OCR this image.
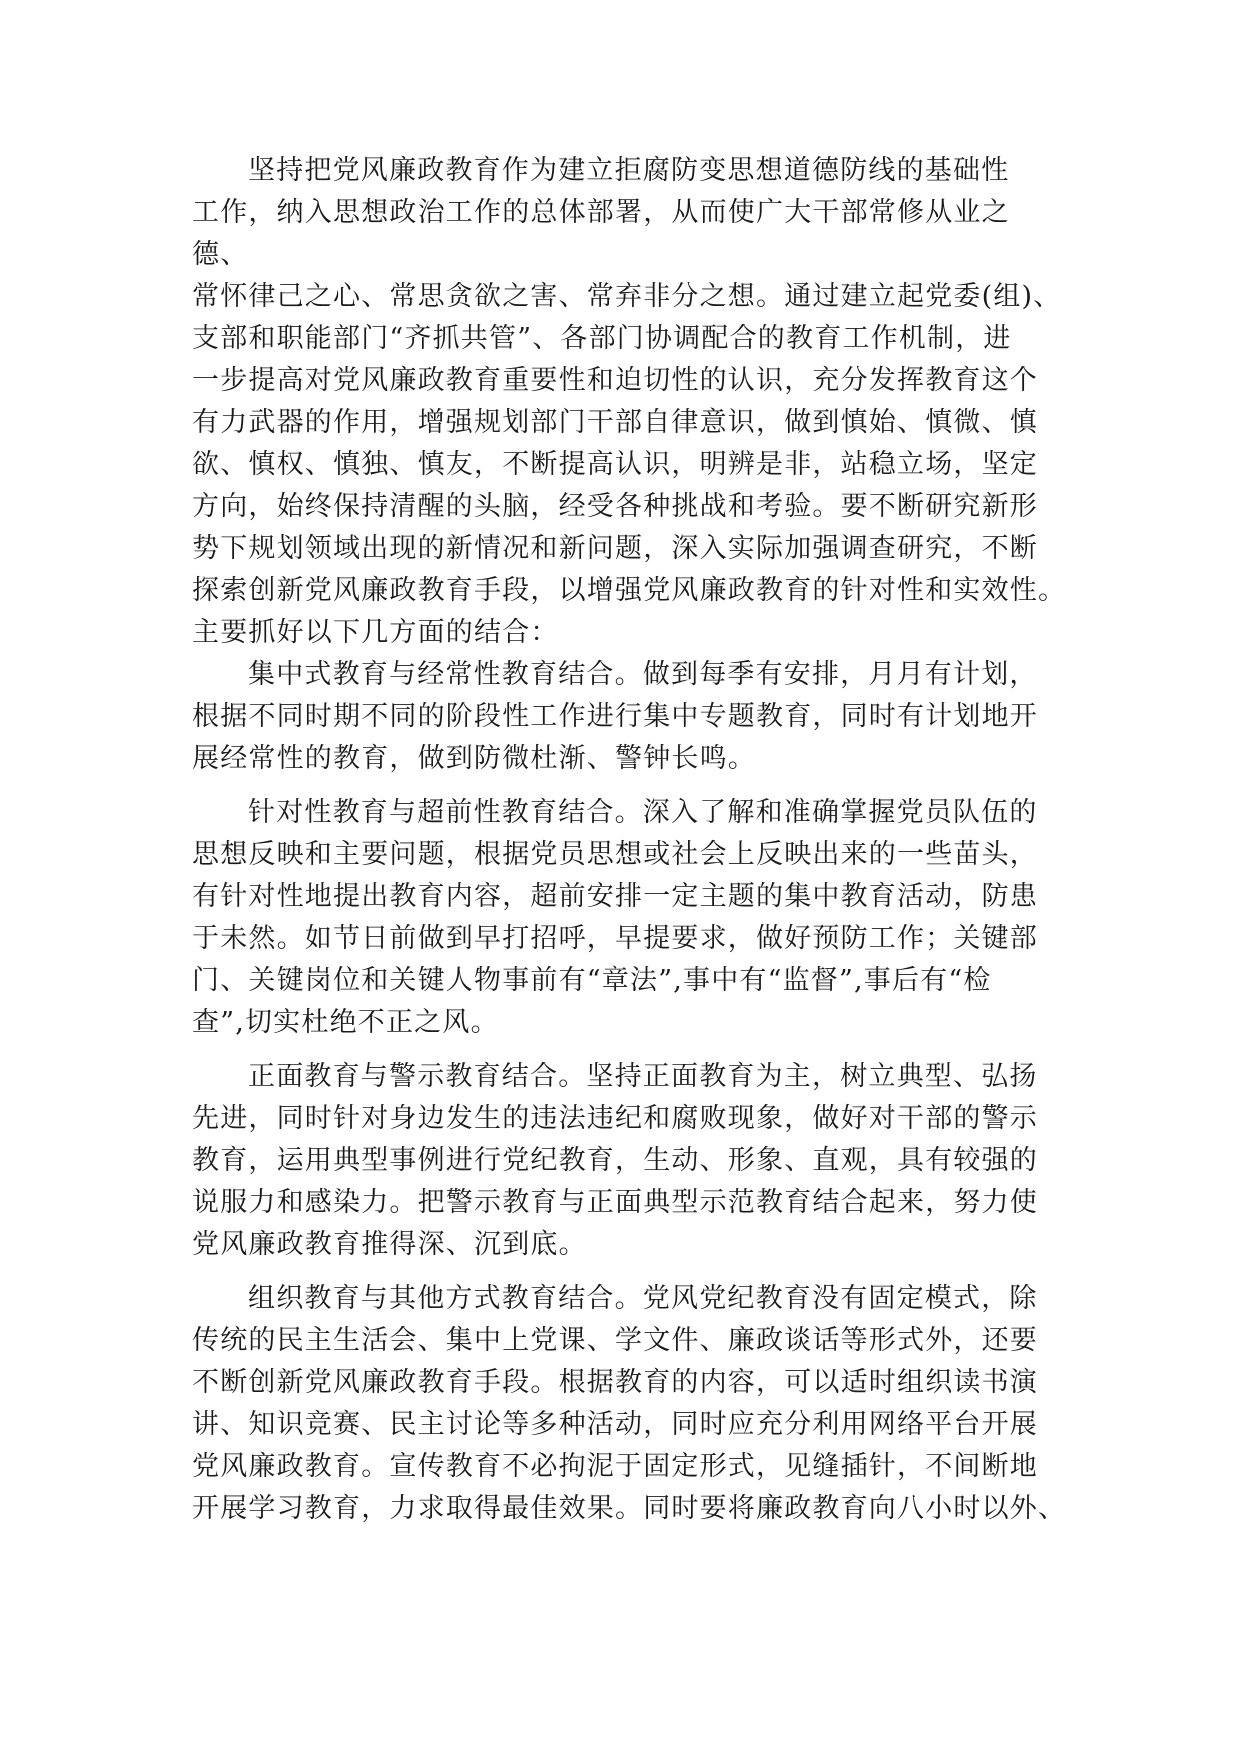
坚持把党风廉政教育作为建立拒腐防变思想道德防线的基础性
工作，纳入思想政治工作的总体部署，从而使广大干部常修从业之
德、
常怀律己之心、常思贪欲之害、常弃非分之想。通过建立起党委(组)、
支部和职能部门“齐抓共管”、各部门协调配合的教育工作机制，进
一步提高对党风廉政教育重要性和迫切性的认识，充分发挥教育这个
有力武器的作用，增强规划部门干部自律意识，做到慎始、慎微、慎
欲、慎权、慎独、慎友，不断提高认识，明辨是非，站稳立场，坚定
方向，始终保持清醒的头脑，经受各种挑战和考验。要不断研究新形
势下规划领域出现的新情况和新问题，深入实际加强调查研究，不断
探索创新党风廉政教育手段，以增强党风廉政教育的针对性和实效性。
主要抓好以下几方面的结合：
集中式教育与经常性教育结合。做到每季有安排，月月有计划，
根据不同时期不同的阶段性工作进行集中专题教育，同时有计划地开
展经常性的教育，做到防微杜渐、警钟长鸣。
针对性教育与超前性教育结合。深入了解和准确掌握党员队伍的
思想反映和主要问题，根据党员思想或社会上反映出来的一些苗头，
有针对性地提出教育内容，超前安排一定主题的集中教育活动，防患
于未然。如节日前做到早打招呼，早提要求，做好预防工作；关键部
门、关键岗位和关键人物事前有“章法”,事中有“监督”,事后有“检
查”,切实杜绝不正之风。
正面教育与警示教育结合。坚持正面教育为主，树立典型、弘扬
先进，同时针对身边发生的违法违纪和腐败现象，做好对干部的警示
教育，运用典型事例进行党纪教育，生动、形象、直观，具有较强的
说服力和感染力。把警示教育与正面典型示范教育结合起来，努力使
党风廉政教育推得深、沉到底。
组织教育与其他方式教育结合。党风党纪教育没有固定模式，除
传统的民主生活会、集中上党课、学文件、廉政谈话等形式外，还要
不断创新党风廉政教育手段。根据教育的内容，可以适时组织读书演
讲、知识竞赛、民主讨论等多种活动，同时应充分利用网络平台开展
党风廉政教育。宣传教育不必拘泥于固定形式，见缝插针，不间断地
开展学习教育，力求取得最佳效果。同时要将廉政教育向八小时以外、
